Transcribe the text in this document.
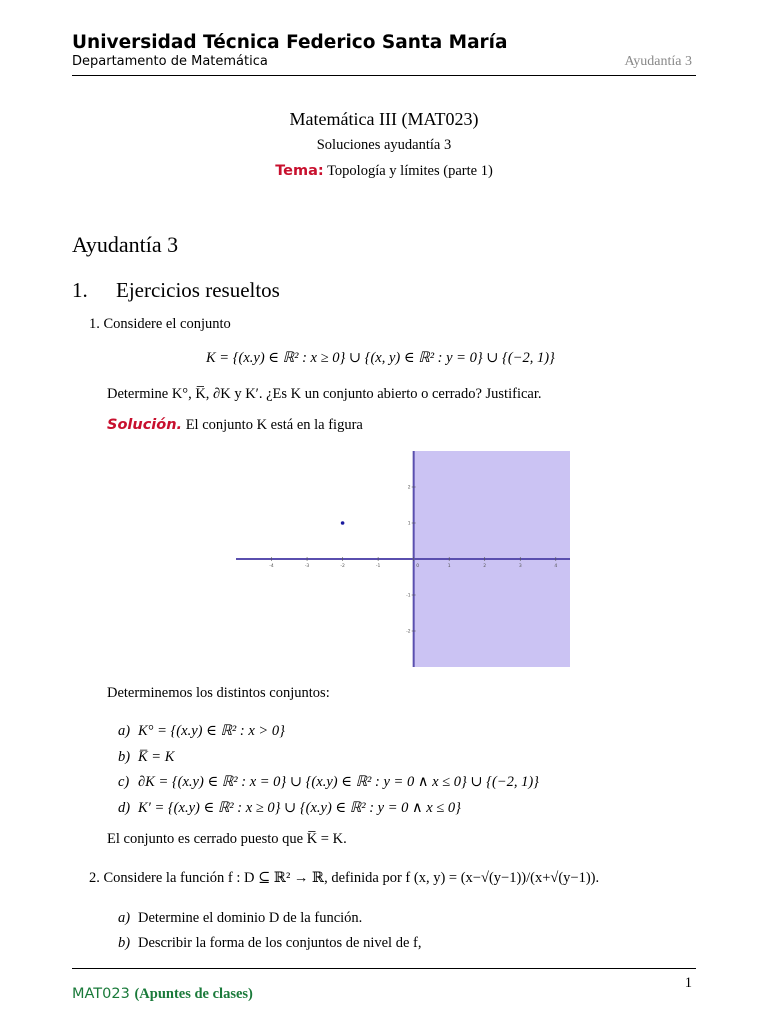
Universidad Técnica Federico Santa María
Departamento de Matemática	Ayudantía 3
Matemática III (MAT023)
Soluciones ayudantía 3
Tema: Topología y límites (parte 1)
Ayudantía 3
1. Ejercicios resueltos
1. Considere el conjunto
K = {(x.y) ∈ ℝ² : x ≥ 0} ∪ {(x, y) ∈ ℝ² : y = 0} ∪ {(−2, 1)}
Determine K°, K̅, ∂K y K′. ¿Es K un conjunto abierto o cerrado? Justificar.
Solución. El conjunto K está en la figura
-4	-3	-2	-1	0	1	2	3	4
2
1
-1
-2
Determinemos los distintos conjuntos:
a) K° = {(x.y) ∈ ℝ² : x > 0}
b) K̅ = K
c) ∂K = {(x.y) ∈ ℝ² : x = 0} ∪ {(x.y) ∈ ℝ² : y = 0 ∧ x ≤ 0} ∪ {(−2, 1)}
d) K′ = {(x.y) ∈ ℝ² : x ≥ 0} ∪ {(x.y) ∈ ℝ² : y = 0 ∧ x ≤ 0}
El conjunto es cerrado puesto que K̅ = K.
2. Considere la función f : D ⊆ ℝ² → ℝ, definida por f (x, y) = (x−√(y−1))/(x+√(y−1)).
a) Determine el dominio D de la función.
b) Describir la forma de los conjuntos de nivel de f,
1
MAT023 (Apuntes de clases)
